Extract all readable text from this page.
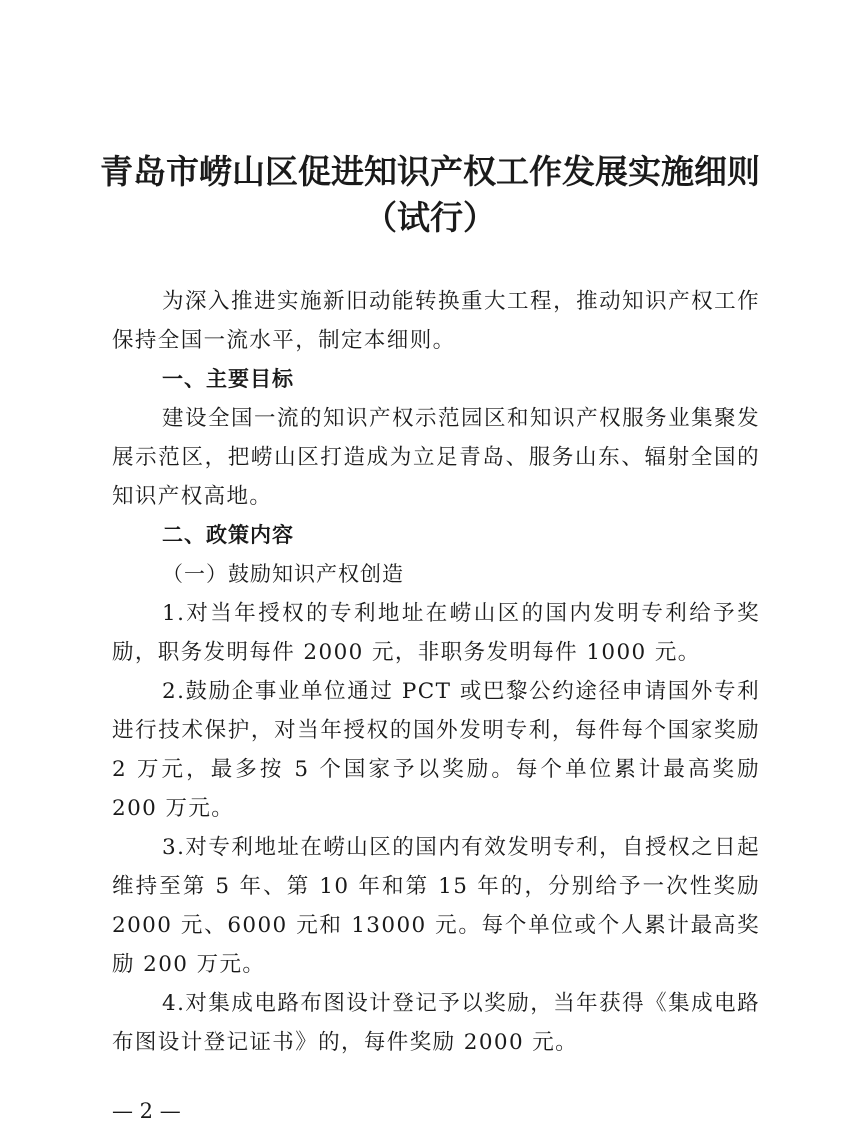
青岛市崂山区促进知识产权工作发展实施细则
（试行）

为深入推进实施新旧动能转换重大工程，推动知识产权工作保持全国一流水平，制定本细则。

一、主要目标

建设全国一流的知识产权示范园区和知识产权服务业集聚发展示范区，把崂山区打造成为立足青岛、服务山东、辐射全国的知识产权高地。

二、政策内容

（一）鼓励知识产权创造

1.对当年授权的专利地址在崂山区的国内发明专利给予奖励，职务发明每件 2000 元，非职务发明每件 1000 元。

2.鼓励企事业单位通过 PCT 或巴黎公约途径申请国外专利进行技术保护，对当年授权的国外发明专利，每件每个国家奖励 2 万元，最多按 5 个国家予以奖励。每个单位累计最高奖励 200 万元。

3.对专利地址在崂山区的国内有效发明专利，自授权之日起维持至第 5 年、第 10 年和第 15 年的，分别给予一次性奖励 2000 元、6000 元和 13000 元。每个单位或个人累计最高奖励 200 万元。

4.对集成电路布图设计登记予以奖励，当年获得《集成电路布图设计登记证书》的，每件奖励 2000 元。

— 2 —
